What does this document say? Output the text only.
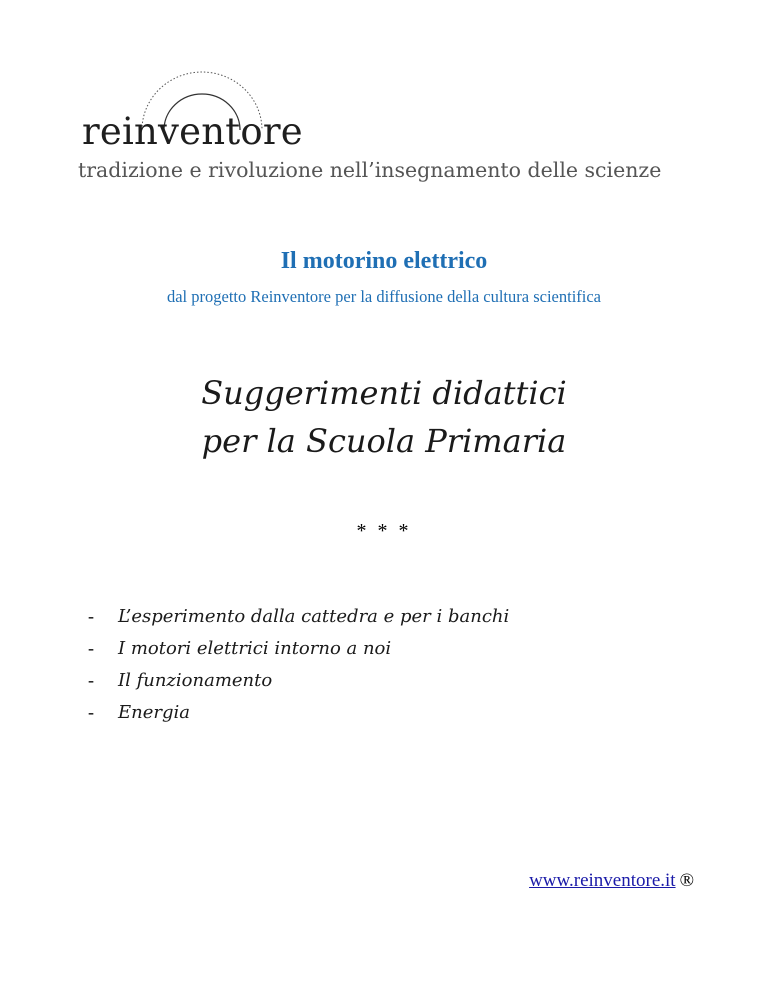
reinventore
tradizione e rivoluzione nell’insegnamento delle scienze
Il motorino elettrico
dal progetto Reinventore per la diffusione della cultura scientifica
Suggerimenti didattici
per la Scuola Primaria
* * *
-	L’esperimento dalla cattedra e per i banchi
-	I motori elettrici intorno a noi
-	Il funzionamento
-	Energia
www.reinventore.it ®
